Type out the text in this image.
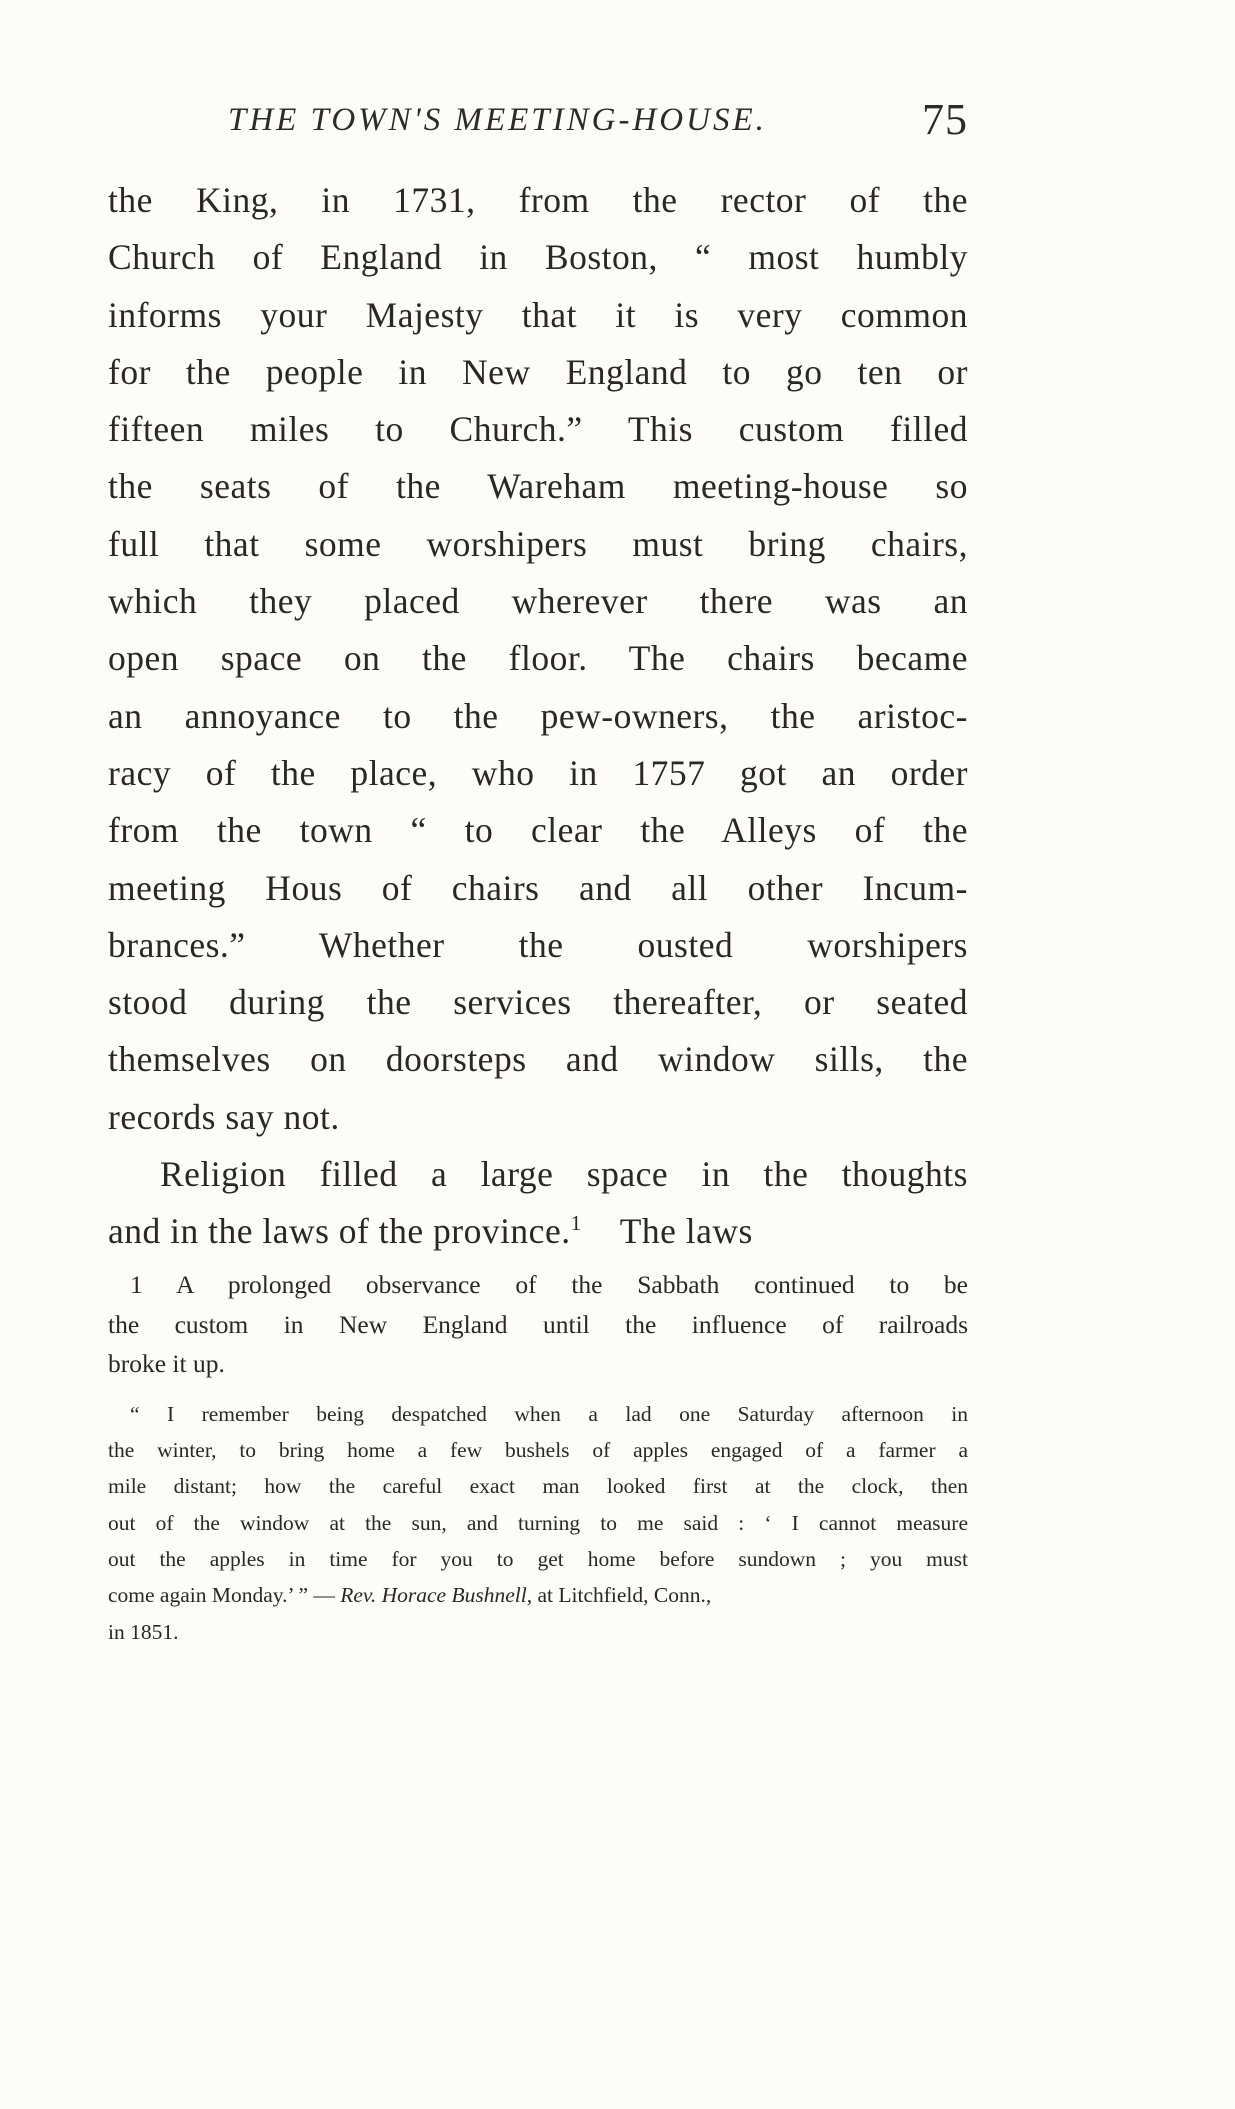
THE TOWN'S MEETING-HOUSE.	75
the King, in 1731, from the rector of the
Church of England in Boston, “ most humbly
informs your Majesty that it is very common
for the people in New England to go ten or
fifteen miles to Church.” This custom filled
the seats of the Wareham meeting-house so
full that some worshipers must bring chairs,
which they placed wherever there was an
open space on the floor. The chairs became
an annoyance to the pew-owners, the aristoc-
racy of the place, who in 1757 got an order
from the town “ to clear the Alleys of the
meeting Hous of chairs and all other Incum-
brances.” Whether the ousted worshipers
stood during the services thereafter, or seated
themselves on doorsteps and window sills, the
records say not.
Religion filled a large space in the thoughts
and in the laws of the province.$^1$ The laws
1 A prolonged observance of the Sabbath continued to be
the custom in New England until the influence of railroads
broke it up.
“ I remember being despatched when a lad one Saturday afternoon in
the winter, to bring home a few bushels of apples engaged of a farmer a
mile distant; how the careful exact man looked first at the clock, then
out of the window at the sun, and turning to me said : ‘ I cannot measure
out the apples in time for you to get home before sundown ; you must
come again Monday.’ ” — Rev. Horace Bushnell, at Litchfield, Conn.,
in 1851.
